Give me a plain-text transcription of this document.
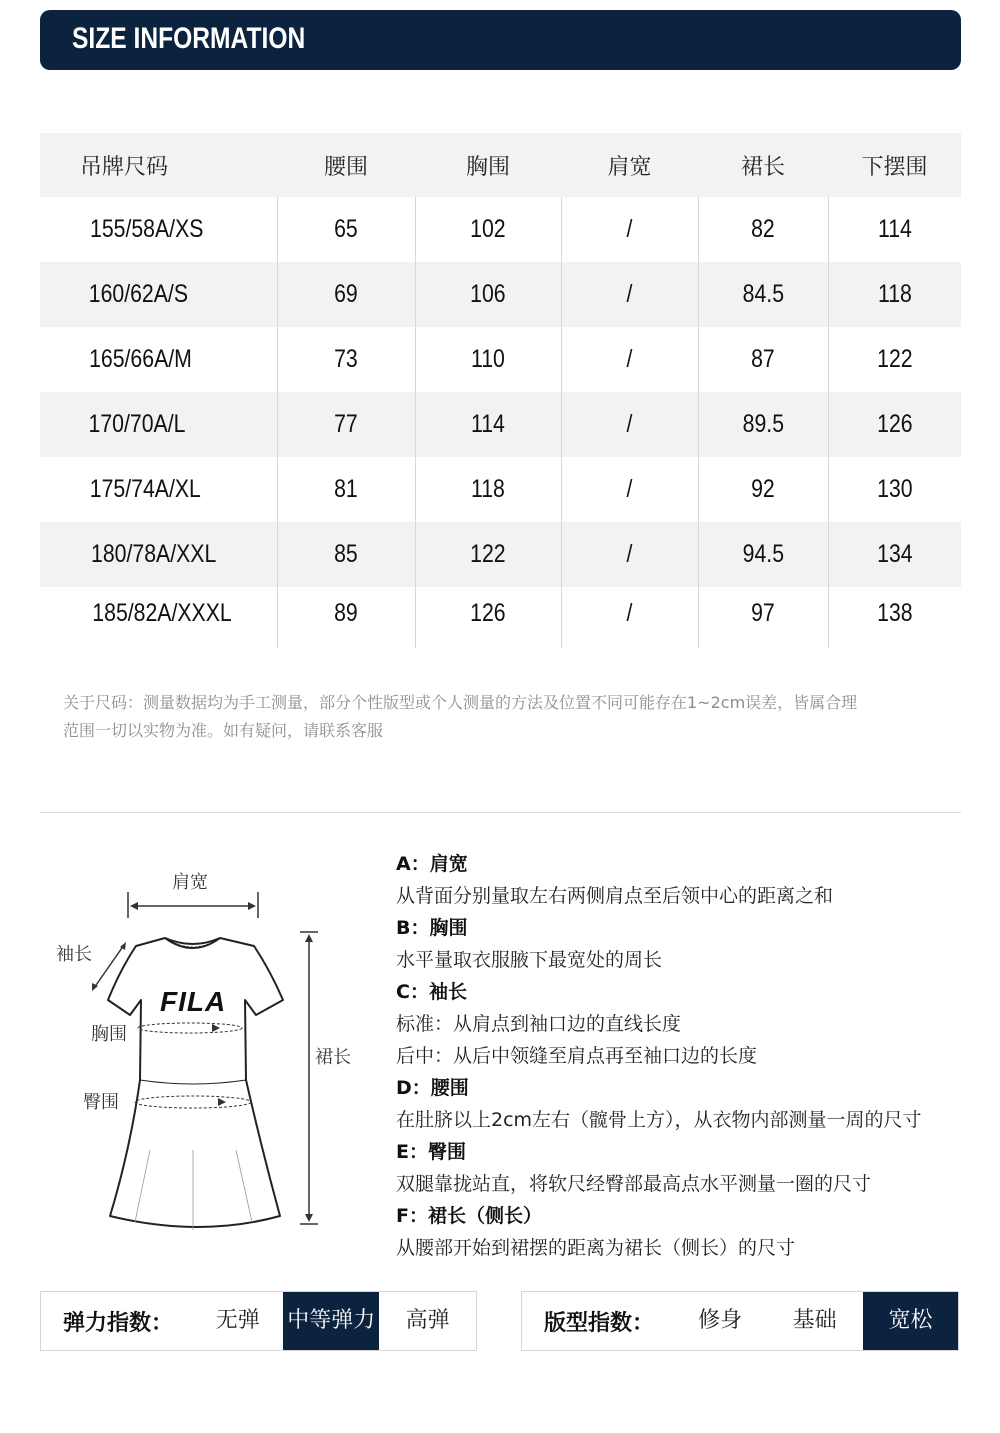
SIZE INFORMATION
吊牌尺码	腰围	胸围	肩宽	裙长	下摆围
155/58A/XS	65	102	/	82	114
160/62A/S	69	106	/	84.5	118
165/66A/M	73	110	/	87	122
170/70A/L	77	114	/	89.5	126
175/74A/XL	81	118	/	92	130
180/78A/XXL	85	122	/	94.5	134
185/82A/XXXL	89	126	/	97	138
关于尺码：测量数据均为手工测量，部分个性版型或个人测量的方法及位置不同可能存在1~2cm误差，皆属合理
范围一切以实物为准。如有疑问，请联系客服
肩宽
袖长
胸围
臀围
裙长
FILA
A：肩宽
从背面分别量取左右两侧肩点至后领中心的距离之和
B：胸围
水平量取衣服腋下最宽处的周长
C：袖长
标准：从肩点到袖口边的直线长度
后中：从后中领缝至肩点再至袖口边的长度
D：腰围
在肚脐以上2cm左右（髋骨上方），从衣物内部测量一周的尺寸
E：臀围
双腿靠拢站直，将软尺经臀部最高点水平测量一圈的尺寸
F：裙长（侧长）
从腰部开始到裙摆的距离为裙长（侧长）的尺寸
弹力指数：	无弹	中等弹力	高弹	版型指数：	修身	基础	宽松
